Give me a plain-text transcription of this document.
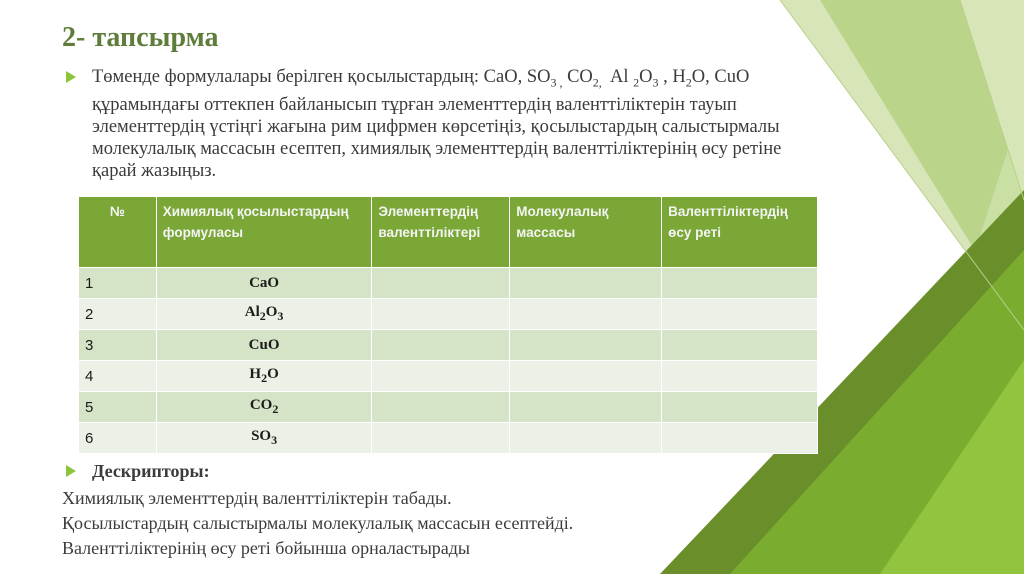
2- тапсырма

Төменде формулалары берілген қосылыстардың: CaO, $SO_{3 ,}$ $CO_{2,}$  Al $_2O_3$ , $H_2O$, CuO  құрамындағы оттекпен байланысып тұрған элементтердің валенттіліктерін тауып элементтердің үстіңгі жағына рим цифрмен көрсетіңіз, қосылыстардың салыстырмалы молекулалық массасын есептеп, химиялық элементтердің валенттіліктерінің өсу ретіне қарай жазыңыз.

№	Химиялық қосылыстардың формуласы	Элементтердің валенттіліктері	Молекулалық массасы	Валенттіліктердің өсу реті
1	CaO			
2	$Al_2O_3$			
3	CuO			
4	$H_2O$			
5	$CO_2$			
6	$SO_3$			

Дескрипторы:

Химиялық элементтердің валенттіліктерін табады.

Қосылыстардың салыстырмалы молекулалық массасын есептейді.

Валенттіліктерінің өсу реті бойынша орналастырады
